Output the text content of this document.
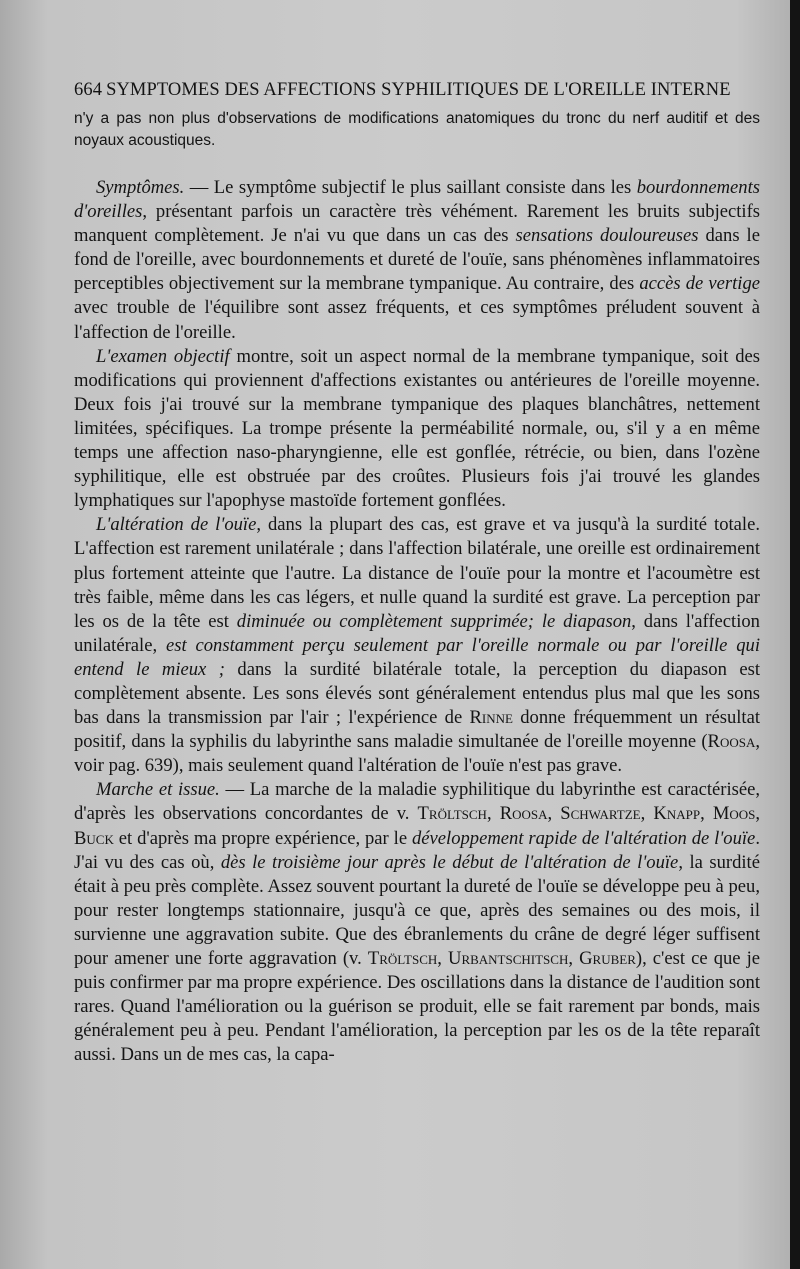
664 SYMPTOMES DES AFFECTIONS SYPHILITIQUES DE L'OREILLE INTERNE

n'y a pas non plus d'observations de modifications anatomiques du tronc du nerf auditif et des noyaux acoustiques.

Symptômes. — Le symptôme subjectif le plus saillant consiste dans les bourdonnements d'oreilles, présentant parfois un caractère très véhément. Rarement les bruits subjectifs manquent complètement. Je n'ai vu que dans un cas des sensations douloureuses dans le fond de l'oreille, avec bourdonnements et dureté de l'ouïe, sans phénomènes inflammatoires perceptibles objectivement sur la membrane tympanique. Au contraire, des accès de vertige avec trouble de l'équilibre sont assez fréquents, et ces symptômes préludent souvent à l'affection de l'oreille.

L'examen objectif montre, soit un aspect normal de la membrane tympanique, soit des modifications qui proviennent d'affections existantes ou antérieures de l'oreille moyenne. Deux fois j'ai trouvé sur la membrane tympanique des plaques blanchâtres, nettement limitées, spécifiques. La trompe présente la perméabilité normale, ou, s'il y a en même temps une affection naso-pharyngienne, elle est gonflée, rétrécie, ou bien, dans l'ozène syphilitique, elle est obstruée par des croûtes. Plusieurs fois j'ai trouvé les glandes lymphatiques sur l'apophyse mastoïde fortement gonflées.

L'altération de l'ouïe, dans la plupart des cas, est grave et va jusqu'à la surdité totale. L'affection est rarement unilatérale ; dans l'affection bilatérale, une oreille est ordinairement plus fortement atteinte que l'autre. La distance de l'ouïe pour la montre et l'acoumètre est très faible, même dans les cas légers, et nulle quand la surdité est grave. La perception par les os de la tête est diminuée ou complètement supprimée; le diapason, dans l'affection unilatérale, est constamment perçu seulement par l'oreille normale ou par l'oreille qui entend le mieux ; dans la surdité bilatérale totale, la perception du diapason est complètement absente. Les sons élevés sont généralement entendus plus mal que les sons bas dans la transmission par l'air ; l'expérience de Rinne donne fréquemment un résultat positif, dans la syphilis du labyrinthe sans maladie simultanée de l'oreille moyenne (Roosa, voir pag. 639), mais seulement quand l'altération de l'ouïe n'est pas grave.

Marche et issue. — La marche de la maladie syphilitique du labyrinthe est caractérisée, d'après les observations concordantes de v. Tröltsch, Roosa, Schwartze, Knapp, Moos, Buck et d'après ma propre expérience, par le développement rapide de l'altération de l'ouïe. J'ai vu des cas où, dès le troisième jour après le début de l'altération de l'ouïe, la surdité était à peu près complète. Assez souvent pourtant la dureté de l'ouïe se développe peu à peu, pour rester longtemps stationnaire, jusqu'à ce que, après des semaines ou des mois, il survienne une aggravation subite. Que des ébranlements du crâne de degré léger suffisent pour amener une forte aggravation (v. Tröltsch, Urbantschitsch, Gruber), c'est ce que je puis confirmer par ma propre expérience. Des oscillations dans la distance de l'audition sont rares. Quand l'amélioration ou la guérison se produit, elle se fait rarement par bonds, mais généralement peu à peu. Pendant l'amélioration, la perception par les os de la tête reparaît aussi. Dans un de mes cas, la capa-
